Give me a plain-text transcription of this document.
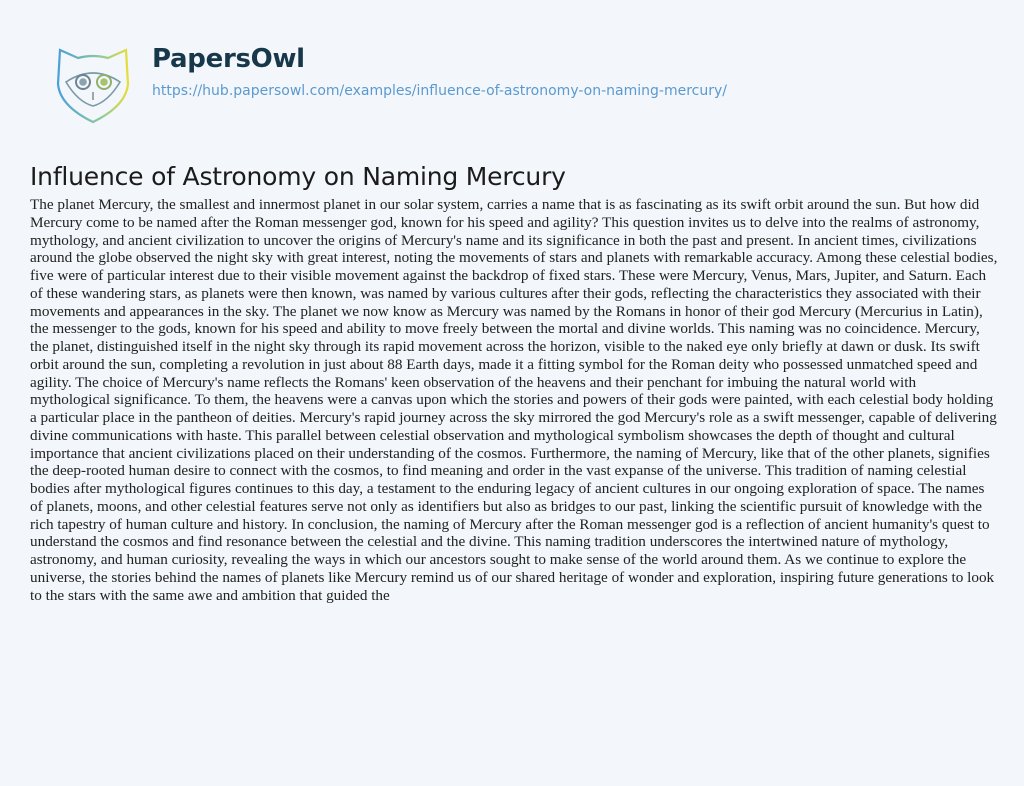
PapersOwl
https://hub.papersowl.com/examples/influence-of-astronomy-on-naming-mercury/
Influence of Astronomy on Naming Mercury

The planet Mercury, the smallest and innermost planet in our solar system, carries a name that is as fascinating as its swift orbit around the sun. But how did Mercury come to be named after the Roman messenger god, known for his speed and agility? This question invites us to delve into the realms of astronomy, mythology, and ancient civilization to uncover the origins of Mercury's name and its significance in both the past and present. In ancient times, civilizations around the globe observed the night sky with great interest, noting the movements of stars and planets with remarkable accuracy. Among these celestial bodies, five were of particular interest due to their visible movement against the backdrop of fixed stars. These were Mercury, Venus, Mars, Jupiter, and Saturn. Each of these wandering stars, as planets were then known, was named by various cultures after their gods, reflecting the characteristics they associated with their movements and appearances in the sky. The planet we now know as Mercury was named by the Romans in honor of their god Mercury (Mercurius in Latin), the messenger to the gods, known for his speed and ability to move freely between the mortal and divine worlds. This naming was no coincidence. Mercury, the planet, distinguished itself in the night sky through its rapid movement across the horizon, visible to the naked eye only briefly at dawn or dusk. Its swift orbit around the sun, completing a revolution in just about 88 Earth days, made it a fitting symbol for the Roman deity who possessed unmatched speed and agility. The choice of Mercury's name reflects the Romans' keen observation of the heavens and their penchant for imbuing the natural world with mythological significance. To them, the heavens were a canvas upon which the stories and powers of their gods were painted, with each celestial body holding a particular place in the pantheon of deities. Mercury's rapid journey across the sky mirrored the god Mercury's role as a swift messenger, capable of delivering divine communications with haste. This parallel between celestial observation and mythological symbolism showcases the depth of thought and cultural importance that ancient civilizations placed on their understanding of the cosmos. Furthermore, the naming of Mercury, like that of the other planets, signifies the deep-rooted human desire to connect with the cosmos, to find meaning and order in the vast expanse of the universe. This tradition of naming celestial bodies after mythological figures continues to this day, a testament to the enduring legacy of ancient cultures in our ongoing exploration of space. The names of planets, moons, and other celestial features serve not only as identifiers but also as bridges to our past, linking the scientific pursuit of knowledge with the rich tapestry of human culture and history. In conclusion, the naming of Mercury after the Roman messenger god is a reflection of ancient humanity's quest to understand the cosmos and find resonance between the celestial and the divine. This naming tradition underscores the intertwined nature of mythology, astronomy, and human curiosity, revealing the ways in which our ancestors sought to make sense of the world around them. As we continue to explore the universe, the stories behind the names of planets like Mercury remind us of our shared heritage of wonder and exploration, inspiring future generations to look to the stars with the same awe and ambition that guided the
